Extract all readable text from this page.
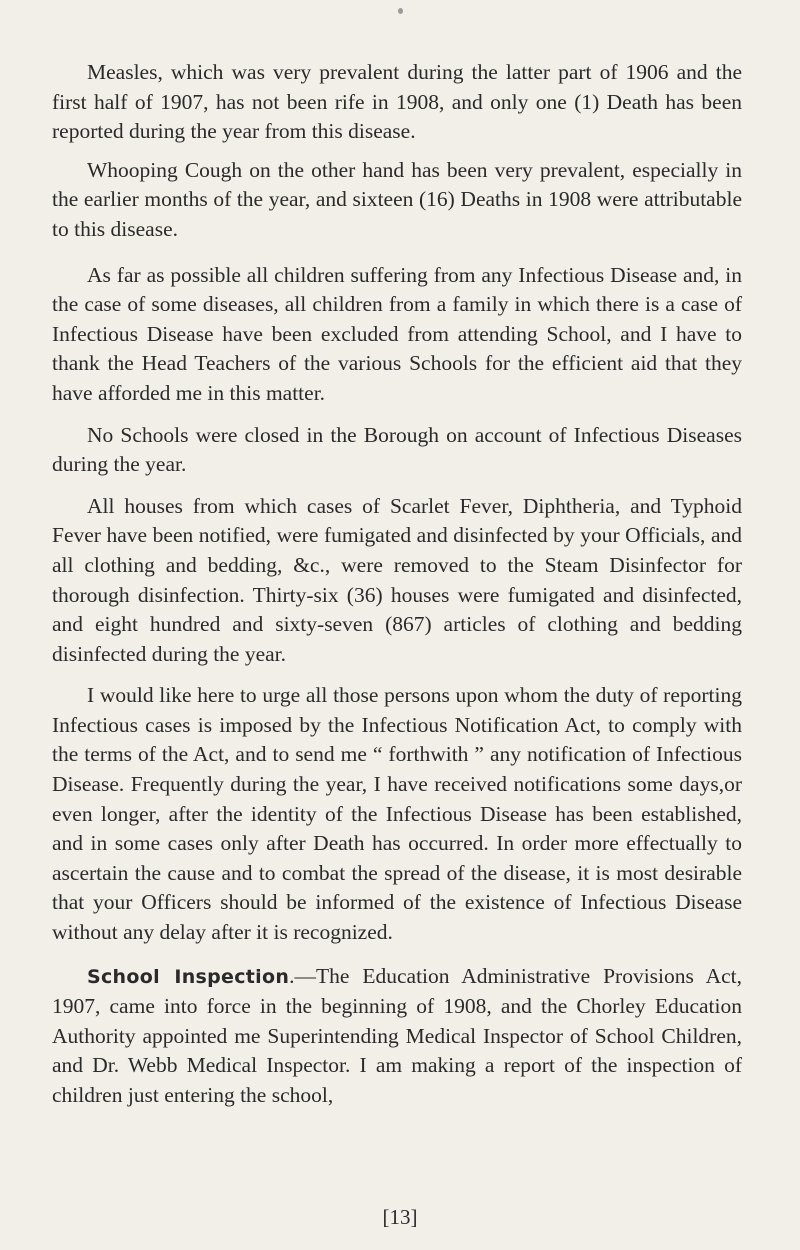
Measles, which was very prevalent during the latter part of 1906 and the first half of 1907, has not been rife in 1908, and only one (1) Death has been reported during the year from this disease.

Whooping Cough on the other hand has been very prevalent, especially in the earlier months of the year, and sixteen (16) Deaths in 1908 were attributable to this disease.

As far as possible all children suffering from any Infectious Disease and, in the case of some diseases, all children from a family in which there is a case of Infectious Disease have been excluded from attending School, and I have to thank the Head Teachers of the various Schools for the efficient aid that they have afforded me in this matter.

No Schools were closed in the Borough on account of Infectious Diseases during the year.

All houses from which cases of Scarlet Fever, Diphtheria, and Typhoid Fever have been notified, were fumigated and disinfected by your Officials, and all clothing and bedding, &c., were removed to the Steam Disinfector for thorough disinfection. Thirty-six (36) houses were fumigated and disinfected, and eight hundred and sixty-seven (867) articles of clothing and bedding disinfected during the year.

I would like here to urge all those persons upon whom the duty of reporting Infectious cases is imposed by the Infectious Notification Act, to comply with the terms of the Act, and to send me “ forthwith ” any notification of Infectious Disease. Frequently during the year, I have received notifications some days,or even longer, after the identity of the Infectious Disease has been established, and in some cases only after Death has occurred. In order more effectually to ascertain the cause and to combat the spread of the disease, it is most desirable that your Officers should be informed of the existence of Infectious Disease without any delay after it is recognized.

School Inspection.—The Education Administrative Provisions Act, 1907, came into force in the beginning of 1908, and the Chorley Education Authority appointed me Superintending Medical Inspector of School Children, and Dr. Webb Medical Inspector. I am making a report of the inspection of children just entering the school,

[13]
